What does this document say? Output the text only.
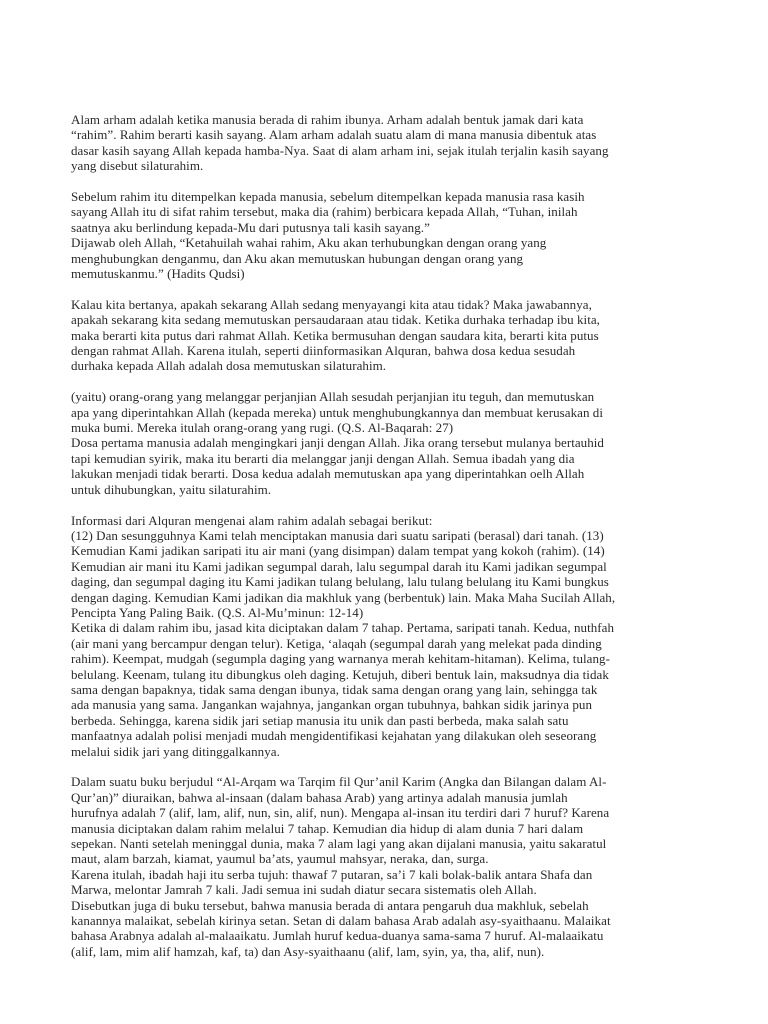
Alam arham adalah ketika manusia berada di rahim ibunya. Arham adalah bentuk jamak dari kata
“rahim”. Rahim berarti kasih sayang. Alam arham adalah suatu alam di mana manusia dibentuk atas
dasar kasih sayang Allah kepada hamba-Nya. Saat di alam arham ini, sejak itulah terjalin kasih sayang
yang disebut silaturahim.
Sebelum rahim itu ditempelkan kepada manusia, sebelum ditempelkan kepada manusia rasa kasih
sayang Allah itu di sifat rahim tersebut, maka dia (rahim) berbicara kepada Allah, “Tuhan, inilah
saatnya aku berlindung kepada-Mu dari putusnya tali kasih sayang.”
Dijawab oleh Allah, “Ketahuilah wahai rahim, Aku akan terhubungkan dengan orang yang
menghubungkan denganmu, dan Aku akan memutuskan hubungan dengan orang yang
memutuskanmu.” (Hadits Qudsi)
Kalau kita bertanya, apakah sekarang Allah sedang menyayangi kita atau tidak? Maka jawabannya,
apakah sekarang kita sedang memutuskan persaudaraan atau tidak. Ketika durhaka terhadap ibu kita,
maka berarti kita putus dari rahmat Allah. Ketika bermusuhan dengan saudara kita, berarti kita putus
dengan rahmat Allah. Karena itulah, seperti diinformasikan Alquran, bahwa dosa kedua sesudah
durhaka kepada Allah adalah dosa memutuskan silaturahim.
(yaitu) orang-orang yang melanggar perjanjian Allah sesudah perjanjian itu teguh, dan memutuskan
apa yang diperintahkan Allah (kepada mereka) untuk menghubungkannya dan membuat kerusakan di
muka bumi. Mereka itulah orang-orang yang rugi. (Q.S. Al-Baqarah: 27)
Dosa pertama manusia adalah mengingkari janji dengan Allah. Jika orang tersebut mulanya bertauhid
tapi kemudian syirik, maka itu berarti dia melanggar janji dengan Allah. Semua ibadah yang dia
lakukan menjadi tidak berarti. Dosa kedua adalah memutuskan apa yang diperintahkan oelh Allah
untuk dihubungkan, yaitu silaturahim.
Informasi dari Alquran mengenai alam rahim adalah sebagai berikut:
(12) Dan sesungguhnya Kami telah menciptakan manusia dari suatu saripati (berasal) dari tanah. (13)
Kemudian Kami jadikan saripati itu air mani (yang disimpan) dalam tempat yang kokoh (rahim). (14)
Kemudian air mani itu Kami jadikan segumpal darah, lalu segumpal darah itu Kami jadikan segumpal
daging, dan segumpal daging itu Kami jadikan tulang belulang, lalu tulang belulang itu Kami bungkus
dengan daging. Kemudian Kami jadikan dia makhluk yang (berbentuk) lain. Maka Maha Sucilah Allah,
Pencipta Yang Paling Baik. (Q.S. Al-Mu’minun: 12-14)
Ketika di dalam rahim ibu, jasad kita diciptakan dalam 7 tahap. Pertama, saripati tanah. Kedua, nuthfah
(air mani yang bercampur dengan telur). Ketiga, ‘alaqah (segumpal darah yang melekat pada dinding
rahim). Keempat, mudgah (segumpla daging yang warnanya merah kehitam-hitaman). Kelima, tulang-
belulang. Keenam, tulang itu dibungkus oleh daging. Ketujuh, diberi bentuk lain, maksudnya dia tidak
sama dengan bapaknya, tidak sama dengan ibunya, tidak sama dengan orang yang lain, sehingga tak
ada manusia yang sama. Jangankan wajahnya, jangankan organ tubuhnya, bahkan sidik jarinya pun
berbeda. Sehingga, karena sidik jari setiap manusia itu unik dan pasti berbeda, maka salah satu
manfaatnya adalah polisi menjadi mudah mengidentifikasi kejahatan yang dilakukan oleh seseorang
melalui sidik jari yang ditinggalkannya.
Dalam suatu buku berjudul “Al-Arqam wa Tarqim fil Qur’anil Karim (Angka dan Bilangan dalam Al-
Qur’an)” diuraikan, bahwa al-insaan (dalam bahasa Arab) yang artinya adalah manusia jumlah
hurufnya adalah 7 (alif, lam, alif, nun, sin, alif, nun). Mengapa al-insan itu terdiri dari 7 huruf? Karena
manusia diciptakan dalam rahim melalui 7 tahap. Kemudian dia hidup di alam dunia 7 hari dalam
sepekan. Nanti setelah meninggal dunia, maka 7 alam lagi yang akan dijalani manusia, yaitu sakaratul
maut, alam barzah, kiamat, yaumul ba’ats, yaumul mahsyar, neraka, dan, surga.
Karena itulah, ibadah haji itu serba tujuh: thawaf 7 putaran, sa’i 7 kali bolak-balik antara Shafa dan
Marwa, melontar Jamrah 7 kali. Jadi semua ini sudah diatur secara sistematis oleh Allah.
Disebutkan juga di buku tersebut, bahwa manusia berada di antara pengaruh dua makhluk, sebelah
kanannya malaikat, sebelah kirinya setan. Setan di dalam bahasa Arab adalah asy-syaithaanu. Malaikat
bahasa Arabnya adalah al-malaaikatu. Jumlah huruf kedua-duanya sama-sama 7 huruf. Al-malaaikatu
(alif, lam, mim alif hamzah, kaf, ta) dan Asy-syaithaanu (alif, lam, syin, ya, tha, alif, nun).
